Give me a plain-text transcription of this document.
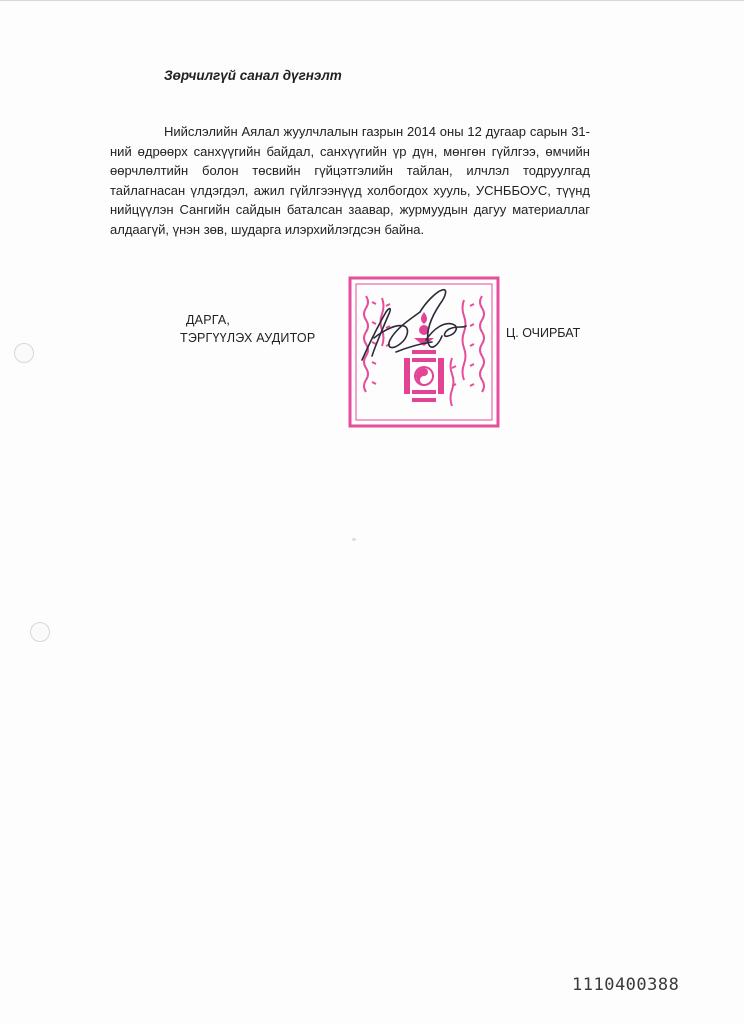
Зөрчилгүй санал дүгнэлт
Нийслэлийн Аялал жуулчлалын газрын 2014 оны 12 дугаар сарын 31-ний өдрөөрх санхүүгийн байдал, санхүүгийн үр дүн, мөнгөн гүйлгээ, өмчийн өөрчлөлтийн болон төсвийн гүйцэтгэлийн тайлан, илчлэл тодруулгад тайлагнасан үлдэгдэл, ажил гүйлгээнүүд холбогдох хууль, УСНББОУС, түүнд нийцүүлэн Сангийн сайдын баталсан заавар, журмуудын дагуу материаллаг алдаагүй, үнэн зөв, шударга илэрхийлэгдсэн байна.
ДАРГА,
ТЭРГҮҮЛЭХ АУДИТОР	Ц. ОЧИРБАТ
1110400388
